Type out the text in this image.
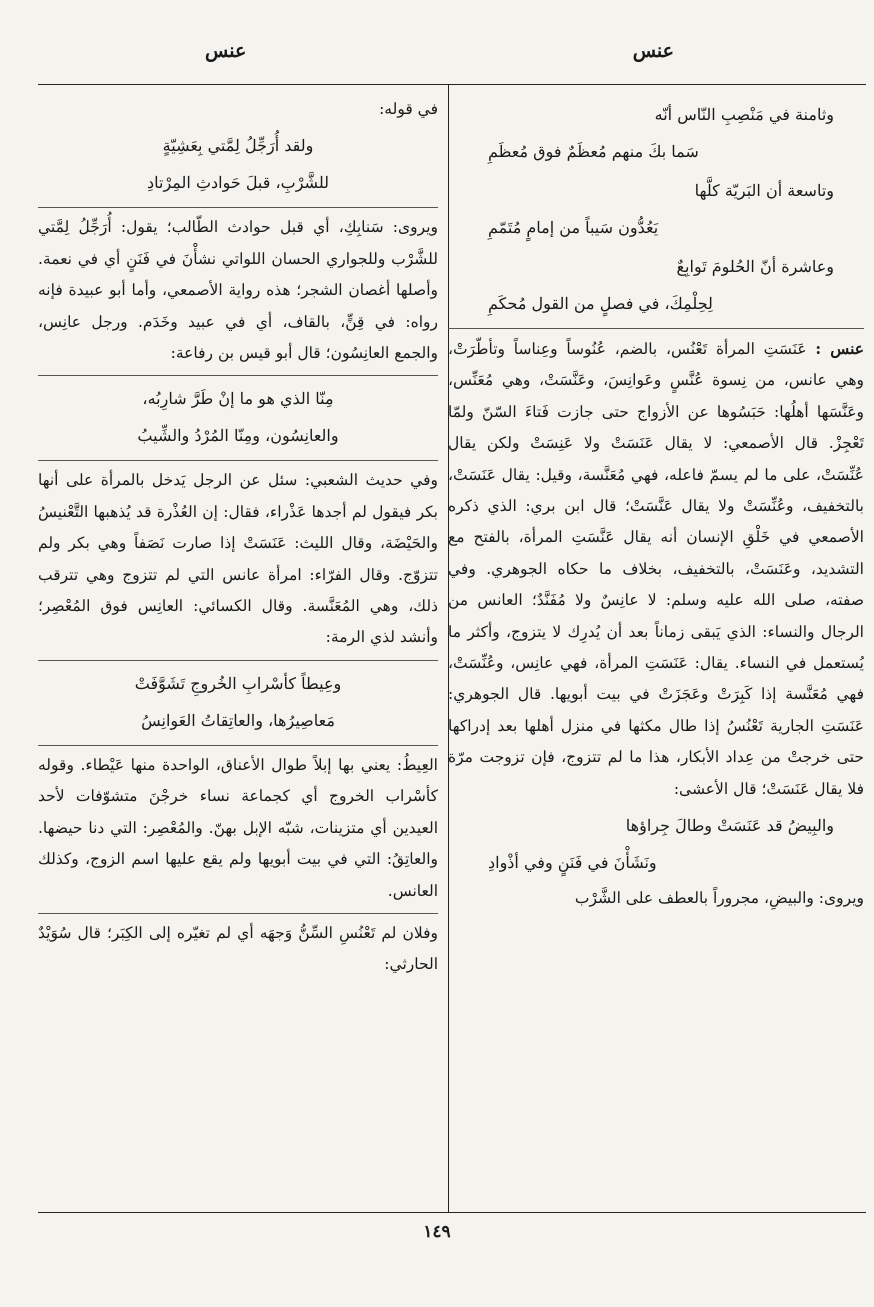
عنس
عنس
وثامنة في مَنْصِبِ النّاس أنّه
سَما بكَ منهم مُعظَمٌ فوق مُعظَمِ
وتاسعة أن البَريّة كلَّها
يَعُدُّون سَيباً من إمامٍ مُتَمّمِ
وعاشرة أنّ الحُلومَ تَوابِعٌ
لِحِلْمِكَ، في فصلٍ من القول مُحكَمِ

عنس : عَنَسَتِ المرأة تَعْنُس، بالضم، عُنُوساً وعِناساً وتأطّرَتْ، وهي عانس، من نِسوة عُنَّسٍ وعَوانِسَ، وعَنَّسَتْ، وهي مُعَنِّس، وعَنَّسَها أهلُها: حَبَسُوها عن الأزواج حتى جازت فَتاءَ السّنّ ولمّا تَعْجِزْ. قال الأصمعي: لا يقال عَنَسَتْ ولا عَنِسَتْ ولكن يقال عُنِّسَتْ، على ما لم يسمّ فاعله، فهي مُعَنَّسة، وقيل: يقال عَنَسَتْ، بالتخفيف، وعُنِّسَتْ ولا يقال عَنَّسَتْ؛ قال ابن بري: الذي ذكره الأصمعي في خَلْقِ الإنسان أنه يقال عَنَّسَتِ المرأة، بالفتح مع التشديد، وعَنَسَتْ، بالتخفيف، بخلاف ما حكاه الجوهري. وفي صفته، صلى الله عليه وسلم: لا عانِسٌ ولا مُفَنَّدٌ؛ العانس من الرجال والنساء: الذي يَبقى زماناً بعد أن يُدرِك لا يتزوج، وأكثر ما يُستعمل في النساء. يقال: عَنَسَتِ المرأة، فهي عانِس، وعُنِّسَتْ، فهي مُعَنَّسة إذا كَبِرَتْ وعَجَزَتْ في بيت أبويها. قال الجوهري: عَنَسَتِ الجارية تَعْنُسُ إذا طال مكثها في منزل أهلها بعد إدراكها حتى خرجتْ من عِداد الأبكار، هذا ما لم تتزوج، فإن تزوجت مرّة فلا يقال عَنَسَتْ؛ قال الأعشى:

والبِيضُ قد عَنَسَتْ وطالَ جِراؤها
ونَشَأْنَ في فَنَنٍ وفي أذْوادِ

ويروى: والبيضِ، مجروراً بالعطف على الشَّرْب

في قوله:

ولقد أُرَجِّلُ لِمَّتي بِعَشِيّةٍ
للشَّرْبِ، قبلَ حَوادثِ المِرْتادِ

ويروى: سَنابِكِ، أي قبل حوادث الطّالب؛ يقول: أُرَجِّلُ لِمَّتي للشَّرْب وللجواري الحسان اللواتي نشأْنَ في فَنَنٍ أي في نعمة. وأصلها أغصان الشجر؛ هذه رواية الأصمعي، وأما أبو عبيدة فإنه رواه: في قِنٍّ، بالقاف، أي في عبيد وخَدَم. ورجل عانِس، والجمع العانِسُون؛ قال أبو قيس بن رفاعة:

مِنّا الذي هو ما إنْ طَرَّ شارِبُه،
والعانِسُون، ومِنّا المُرْدُ والشِّيبُ

وفي حديث الشعبي: سئل عن الرجل يَدخل بالمرأة على أنها بكر فيقول لم أجدها عَذْراء، فقال: إن العُذْرة قد يُذهبها التَّعْنيسُ والحَيْضَة، وقال الليث: عَنَسَتْ إذا صارت نَصَفاً وهي بكر ولم تتزوّج. وقال الفرّاء: امرأة عانس التي لم تتزوج وهي تترقب ذلك، وهي المُعَنَّسة. وقال الكسائي: العانِس فوق المُعْصِر؛ وأنشد لذي الرمة:

وعِيطاً كأسْرابِ الخُروجِ تَشَوَّفَتْ
مَعاصِيرُها، والعاتِقاتُ العَوانِسُ

العِيطُ: يعني بها إبلاً طوال الأعناق، الواحدة منها عَيْطاء. وقوله كأسْراب الخروج أي كجماعة نساء خرجْنَ متشوّفات لأحد العيدين أي متزينات، شبّه الإبل بهنّ. والمُعْصِر: التي دنا حيضها. والعاتِقُ: التي في بيت أبويها ولم يقع عليها اسم الزوج، وكذلك العانس.

وفلان لم تَعْنُسِ السِّنُّ وَجهَه أي لم تغيّره إلى الكِبَر؛ قال سُوَيْدٌ الحارثي:

١٤٩
